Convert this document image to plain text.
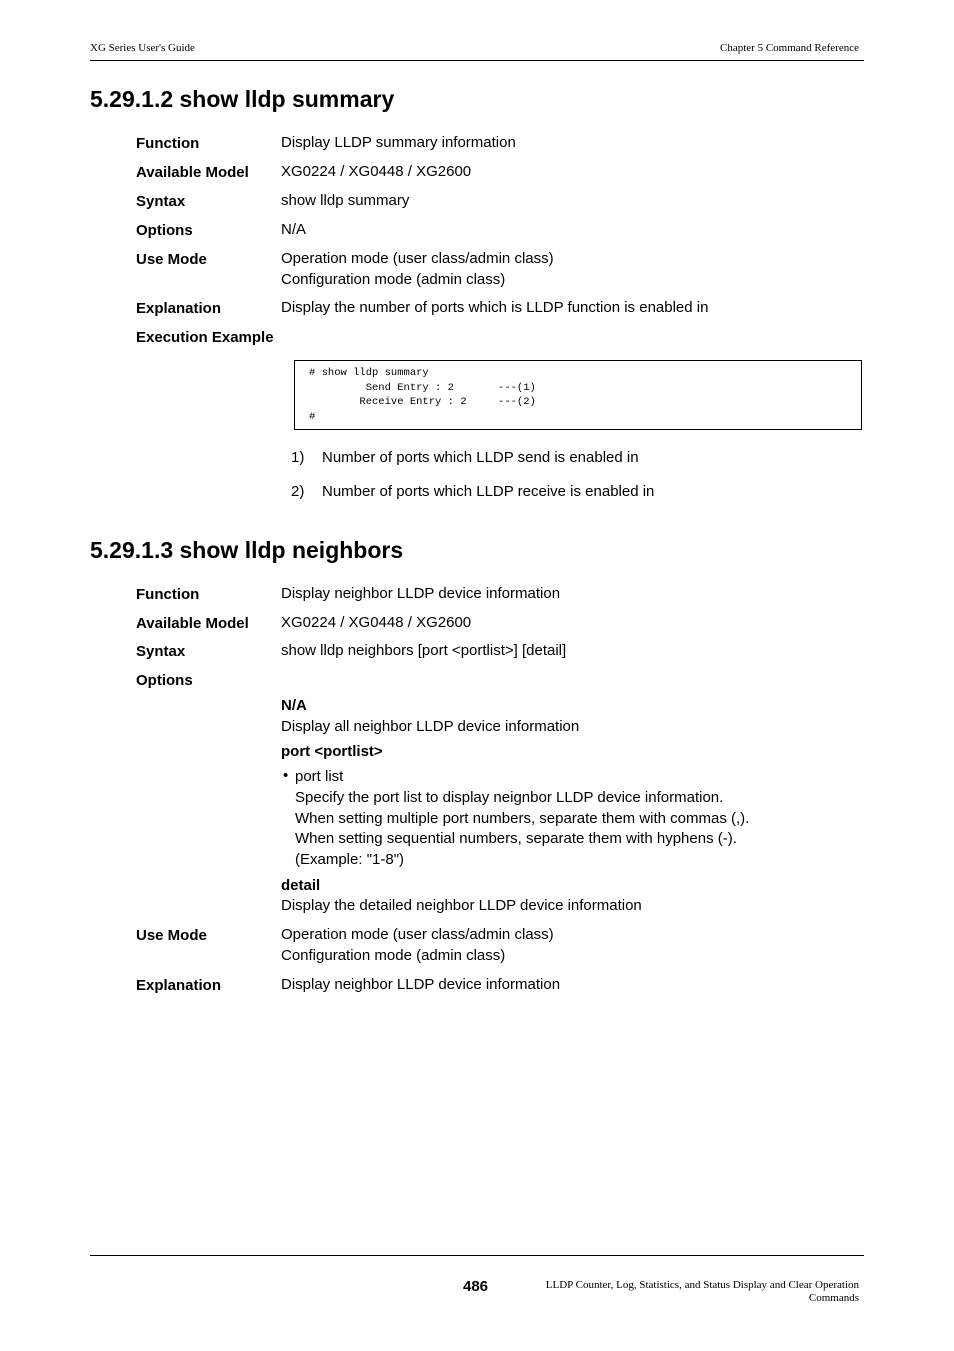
XG Series User's Guide	Chapter 5 Command Reference
5.29.1.2 show lldp summary
Function	Display LLDP summary information
Available Model XG0224 / XG0448 / XG2600
Syntax	show lldp summary
Options	N/A
Use Mode	Operation mode (user class/admin class)
Configuration mode (admin class)
Explanation	Display the number of ports which is LLDP function is enabled in
Execution Example
# show lldp summary
Send Entry : 2       ---(1)
Receive Entry : 2     ---(2)
#
1) Number of ports which LLDP send is enabled in
2) Number of ports which LLDP receive is enabled in
5.29.1.3 show lldp neighbors
Function	Display neighbor LLDP device information
Available Model XG0224 / XG0448 / XG2600
Syntax	show lldp neighbors [port <portlist>] [detail]
Options
N/A
Display all neighbor LLDP device information
port <portlist>
• port list
Specify the port list to display neignbor LLDP device information.
When setting multiple port numbers, separate them with commas (,).
When setting sequential numbers, separate them with hyphens (-).
(Example: "1-8")
detail
Display the detailed neighbor LLDP device information
Use Mode	Operation mode (user class/admin class)
Configuration mode (admin class)
Explanation	Display neighbor LLDP device information
486	LLDP Counter, Log, Statistics, and Status Display and Clear Operation
Commands
